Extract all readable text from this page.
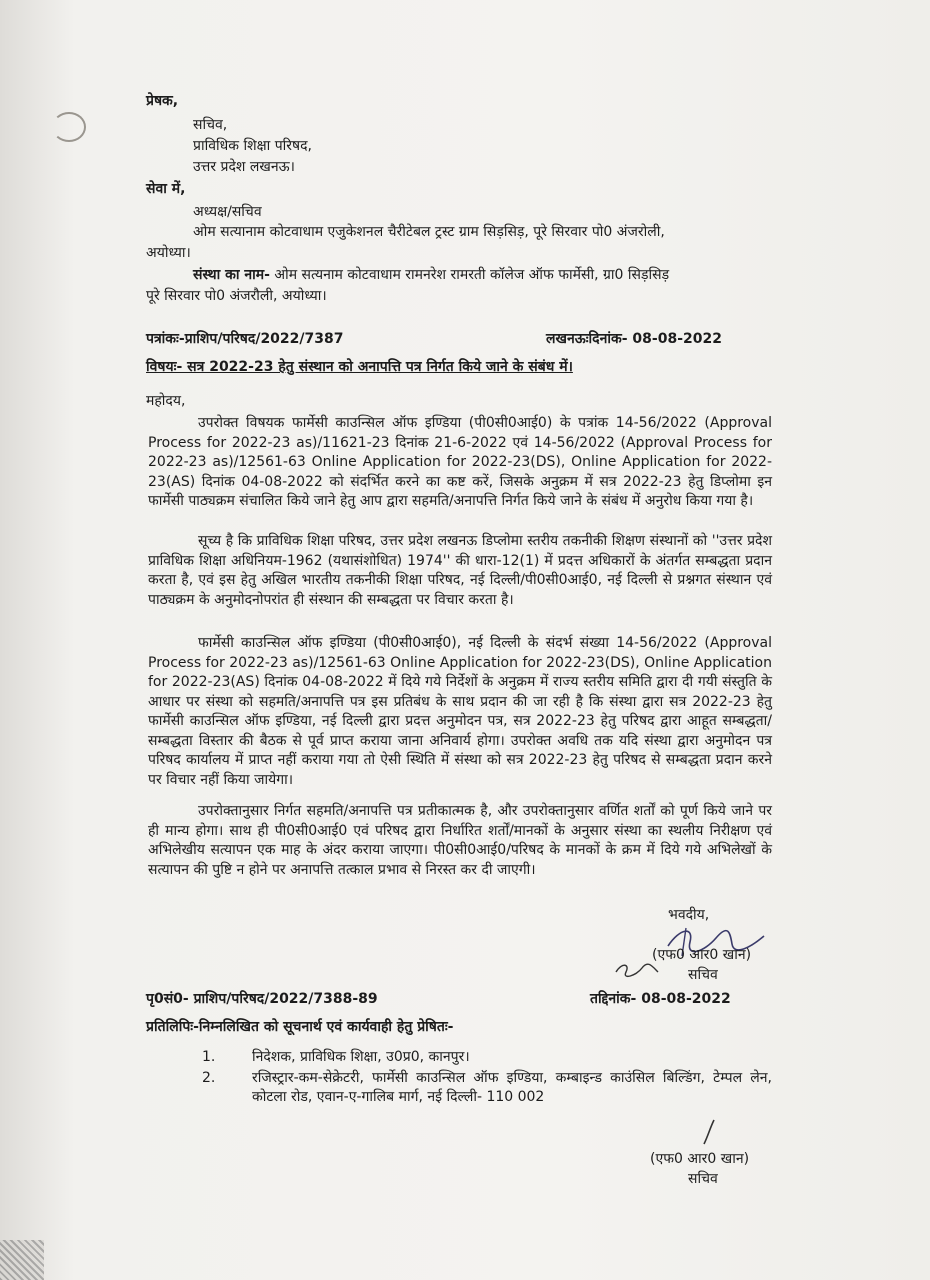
प्रेषक,
सचिव,
प्राविधिक शिक्षा परिषद,
उत्तर प्रदेश लखनऊ।
सेवा में,
अध्यक्ष/सचिव
ओम सत्यानाम कोटवाधाम एजुकेशनल चैरीटेबल ट्रस्ट ग्राम सिड़सिड़, पूरे सिरवार पो0 अंजरोली,
अयोध्या।
संस्था का नाम- ओम सत्यनाम कोटवाधाम रामनरेश रामरती कॉलेज ऑफ फार्मेसी, ग्रा0 सिड़सिड़
पूरे सिरवार पो0 अंजरौली, अयोध्या।
पत्रांकः-प्राशिप/परिषद/2022/7387	लखनऊःदिनांक- 08-08-2022
विषयः- सत्र 2022-23 हेतु संस्थान को अनापत्ति पत्र निर्गत किये जाने के संबंध में।
महोदय,
उपरोक्त विषयक फार्मेसी काउन्सिल ऑफ इण्डिया (पी0सी0आई0) के पत्रांक 14-56/2022 (Approval Process for 2022-23 as)/11621-23 दिनांक 21-6-2022 एवं 14-56/2022 (Approval Process for 2022-23 as)/12561-63 Online Application for 2022-23(DS), Online Application for 2022-23(AS) दिनांक 04-08-2022 को संदर्भित करने का कष्ट करें, जिसके अनुक्रम में सत्र 2022-23 हेतु डिप्लोमा इन फार्मेसी पाठ्यक्रम संचालित किये जाने हेतु आप द्वारा सहमति/अनापत्ति निर्गत किये जाने के संबंध में अनुरोध किया गया है।
सूच्य है कि प्राविधिक शिक्षा परिषद, उत्तर प्रदेश लखनऊ डिप्लोमा स्तरीय तकनीकी शिक्षण संस्थानों को ''उत्तर प्रदेश प्राविधिक शिक्षा अधिनियम-1962 (यथासंशोधित) 1974'' की धारा-12(1) में प्रदत्त अधिकारों के अंतर्गत सम्बद्धता प्रदान करता है, एवं इस हेतु अखिल भारतीय तकनीकी शिक्षा परिषद, नई दिल्ली/पी0सी0आई0, नई दिल्ली से प्रश्नगत संस्थान एवं पाठ्यक्रम के अनुमोदनोपरांत ही संस्थान की सम्बद्धता पर विचार करता है।
फार्मेसी काउन्सिल ऑफ इण्डिया (पी0सी0आई0), नई दिल्ली के संदर्भ संख्या 14-56/2022 (Approval Process for 2022-23 as)/12561-63 Online Application for 2022-23(DS), Online Application for 2022-23(AS) दिनांक 04-08-2022 में दिये गये निर्देशों के अनुक्रम में राज्य स्तरीय समिति द्वारा दी गयी संस्तुति के आधार पर संस्था को सहमति/अनापत्ति पत्र इस प्रतिबंध के साथ प्रदान की जा रही है कि संस्था द्वारा सत्र 2022-23 हेतु फार्मेसी काउन्सिल ऑफ इण्डिया, नई दिल्ली द्वारा प्रदत्त अनुमोदन पत्र, सत्र 2022-23 हेतु परिषद द्वारा आहूत सम्बद्धता/सम्बद्धता विस्तार की बैठक से पूर्व प्राप्त कराया जाना अनिवार्य होगा। उपरोक्त अवधि तक यदि संस्था द्वारा अनुमोदन पत्र परिषद कार्यालय में प्राप्त नहीं कराया गया तो ऐसी स्थिति में संस्था को सत्र 2022-23 हेतु परिषद से सम्बद्धता प्रदान करने पर विचार नहीं किया जायेगा।
उपरोक्तानुसार निर्गत सहमति/अनापत्ति पत्र प्रतीकात्मक है, और उपरोक्तानुसार वर्णित शर्तों को पूर्ण किये जाने पर ही मान्य होगा। साथ ही पी0सी0आई0 एवं परिषद द्वारा निर्धारित शर्तों/मानकों के अनुसार संस्था का स्थलीय निरीक्षण एवं अभिलेखीय सत्यापन एक माह के अंदर कराया जाएगा। पी0सी0आई0/परिषद के मानकों के क्रम में दिये गये अभिलेखों के सत्यापन की पुष्टि न होने पर अनापत्ति तत्काल प्रभाव से निरस्त कर दी जाएगी।
भवदीय,
(एफ0 आर0 खान)
सचिव
पृ0सं0- प्राशिप/परिषद/2022/7388-89	तद्दिनांक- 08-08-2022
प्रतिलिपिः-निम्नलिखित को सूचनार्थ एवं कार्यवाही हेतु प्रेषितः-
1.	निदेशक, प्राविधिक शिक्षा, उ0प्र0, कानपुर।
2.	रजिस्ट्रार-कम-सेक्रेटरी, फार्मेसी काउन्सिल ऑफ इण्डिया, कम्बाइन्ड काउंसिल बिल्डिंग, टेम्पल लेन, कोटला रोड, एवान-ए-गालिब मार्ग, नई दिल्ली- 110 002
(एफ0 आर0 खान)
सचिव
